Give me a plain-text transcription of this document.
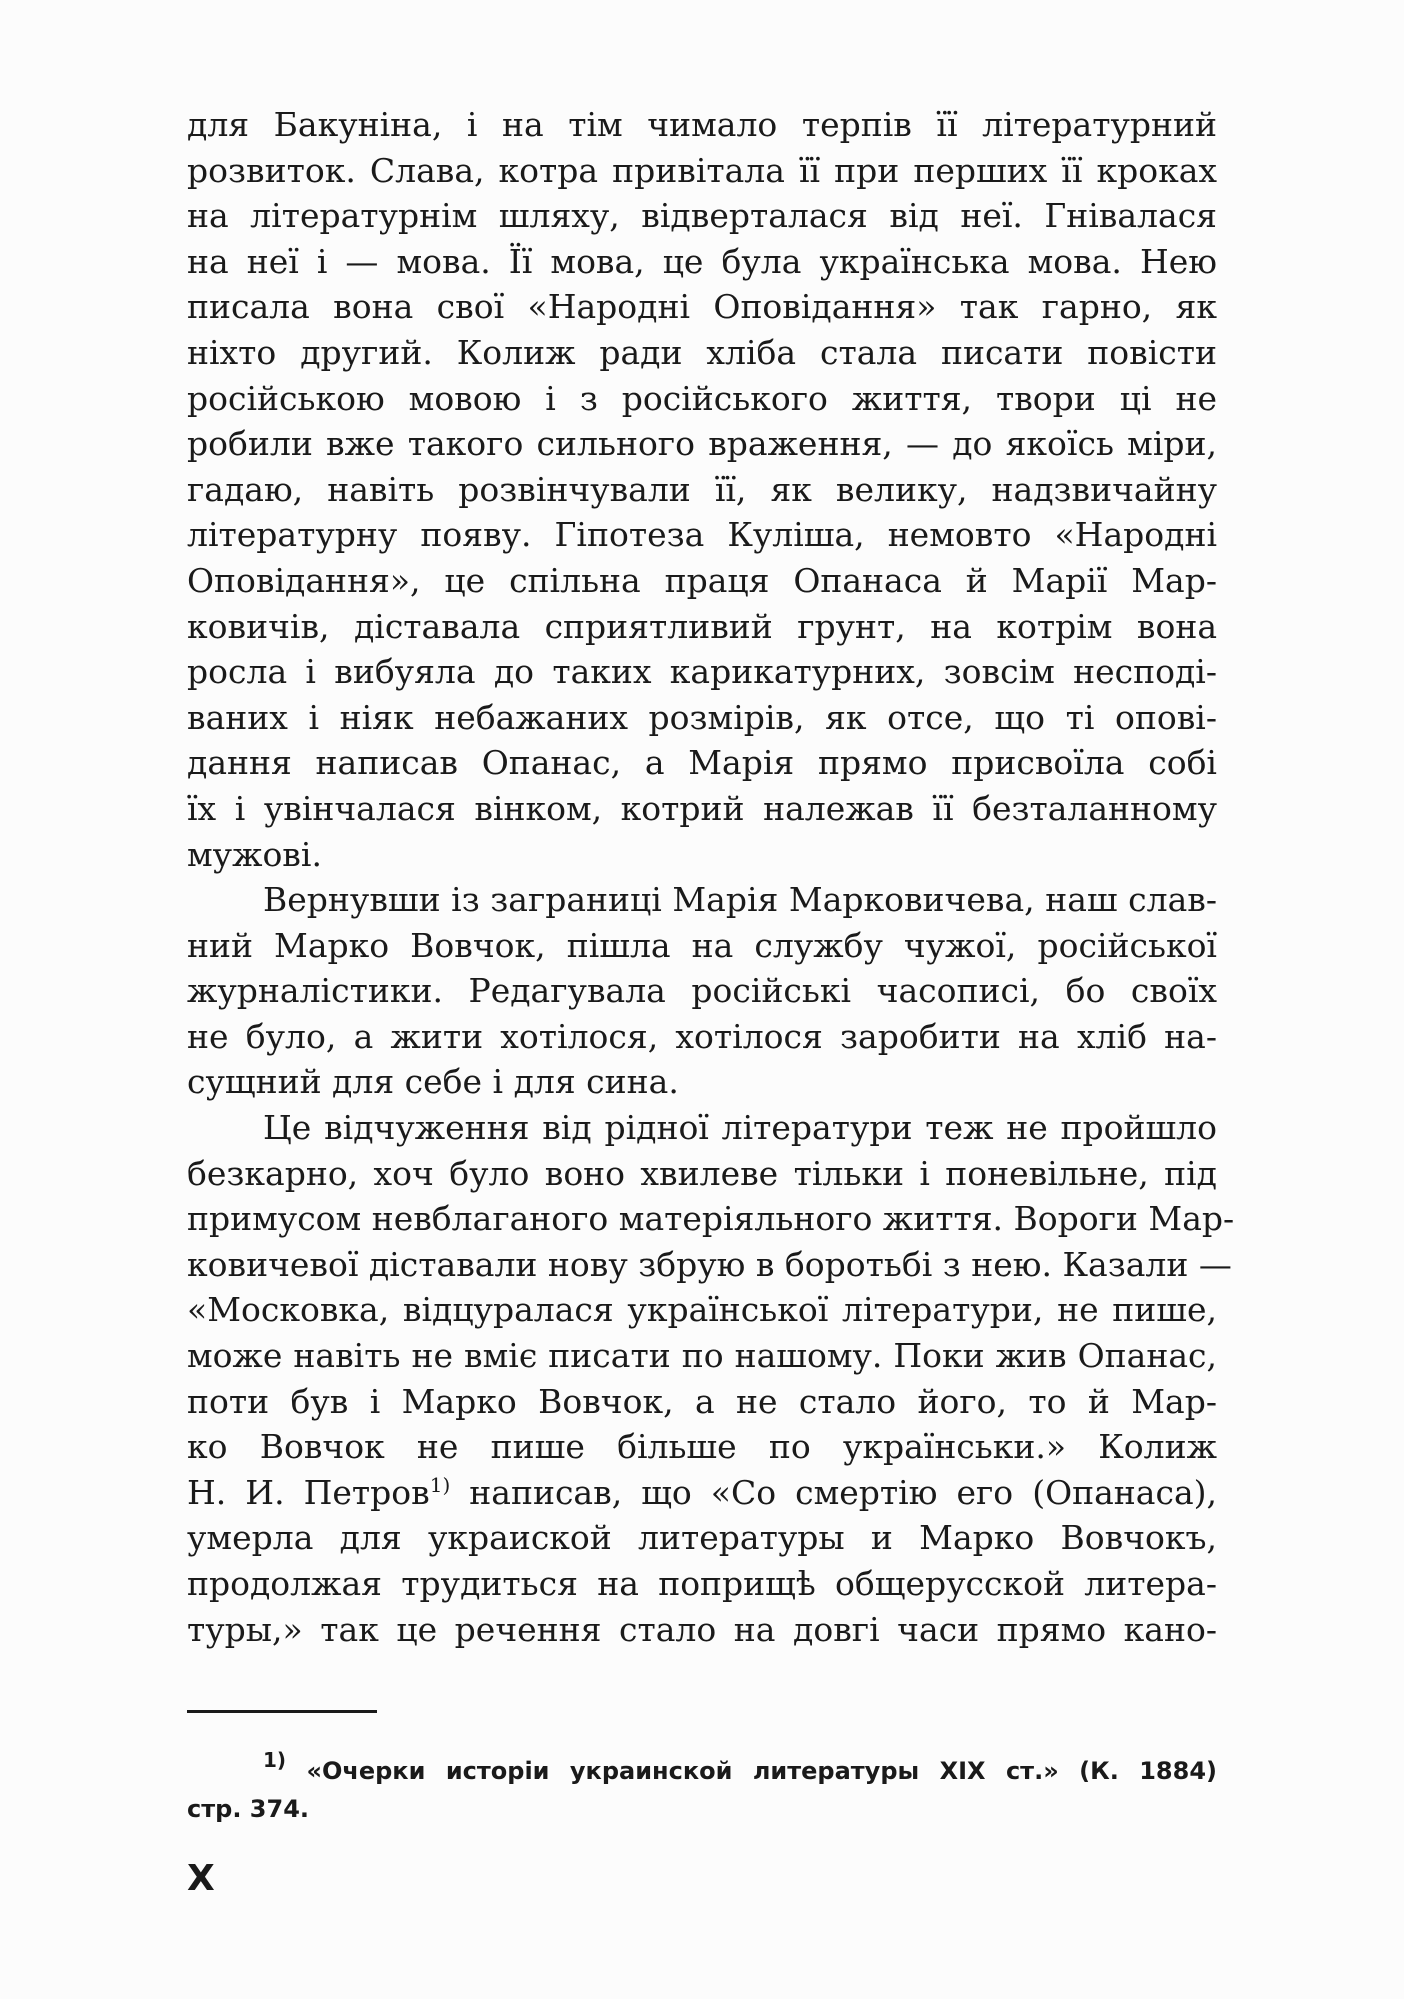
для Бакуніна, і на тім чимало терпів її літературний
розвиток. Слава, котра привітала її при перших її кроках
на літературнім шляху, відверталася від неї. Гнівалася
на неї і — мова. Її мова, це була українська мова. Нею
писала вона свої «Народні Оповідання» так гарно, як
ніхто другий. Колиж ради хліба стала писати повісти
російською мовою і з російського життя, твори ці не
робили вже такого сильного враження, — до якоїсь міри,
гадаю, навіть розвінчували її, як велику, надзвичайну
літературну появу. Гіпотеза Куліша, немовто «Народні
Оповідання», це спільна праця Опанаса й Марії Мар-
ковичів, діставала сприятливий грунт, на котрім вона
росла і вибуяла до таких карикатурних, зовсім несподі-
ваних і ніяк небажаних розмірів, як отсе, що ті опові-
дання написав Опанас, а Марія прямо присвоїла собі
їх і увінчалася вінком, котрий належав її безталанному
мужові.
Вернувши із заграниці Марія Марковичева, наш слав-
ний Марко Вовчок, пішла на службу чужої, російської
журналістики. Редагувала російські часописі, бо своїх
не було, а жити хотілося, хотілося заробити на хліб на-
сущний для себе і для сина.
Це відчуження від рідної літератури теж не пройшло
безкарно, хоч було воно хвилеве тільки і поневільне, під
примусом невблаганого матеріяльного життя. Вороги Мар-
ковичевої діставали нову збрую в боротьбі з нею. Казали —
«Московка, відцуралася української літератури, не пише,
може навіть не вміє писати по нашому. Поки жив Опанас,
поти був і Марко Вовчок, а не стало його, то й Мар-
ко Вовчок не пише більше по українськи.» Колиж
Н. И. Петров$^{1)}$ написав, що «Со смертію его (Опанаса),
умерла для украиской литературы и Марко Вовчокъ,
продолжая трудиться на поприщѣ общерусской литера-
туры,» так це речення стало на довгі часи прямо кано-
$^{1)}$ «Очерки исторіи украинской литературы XIX ст.» (К. 1884)
стр. 374.
X
